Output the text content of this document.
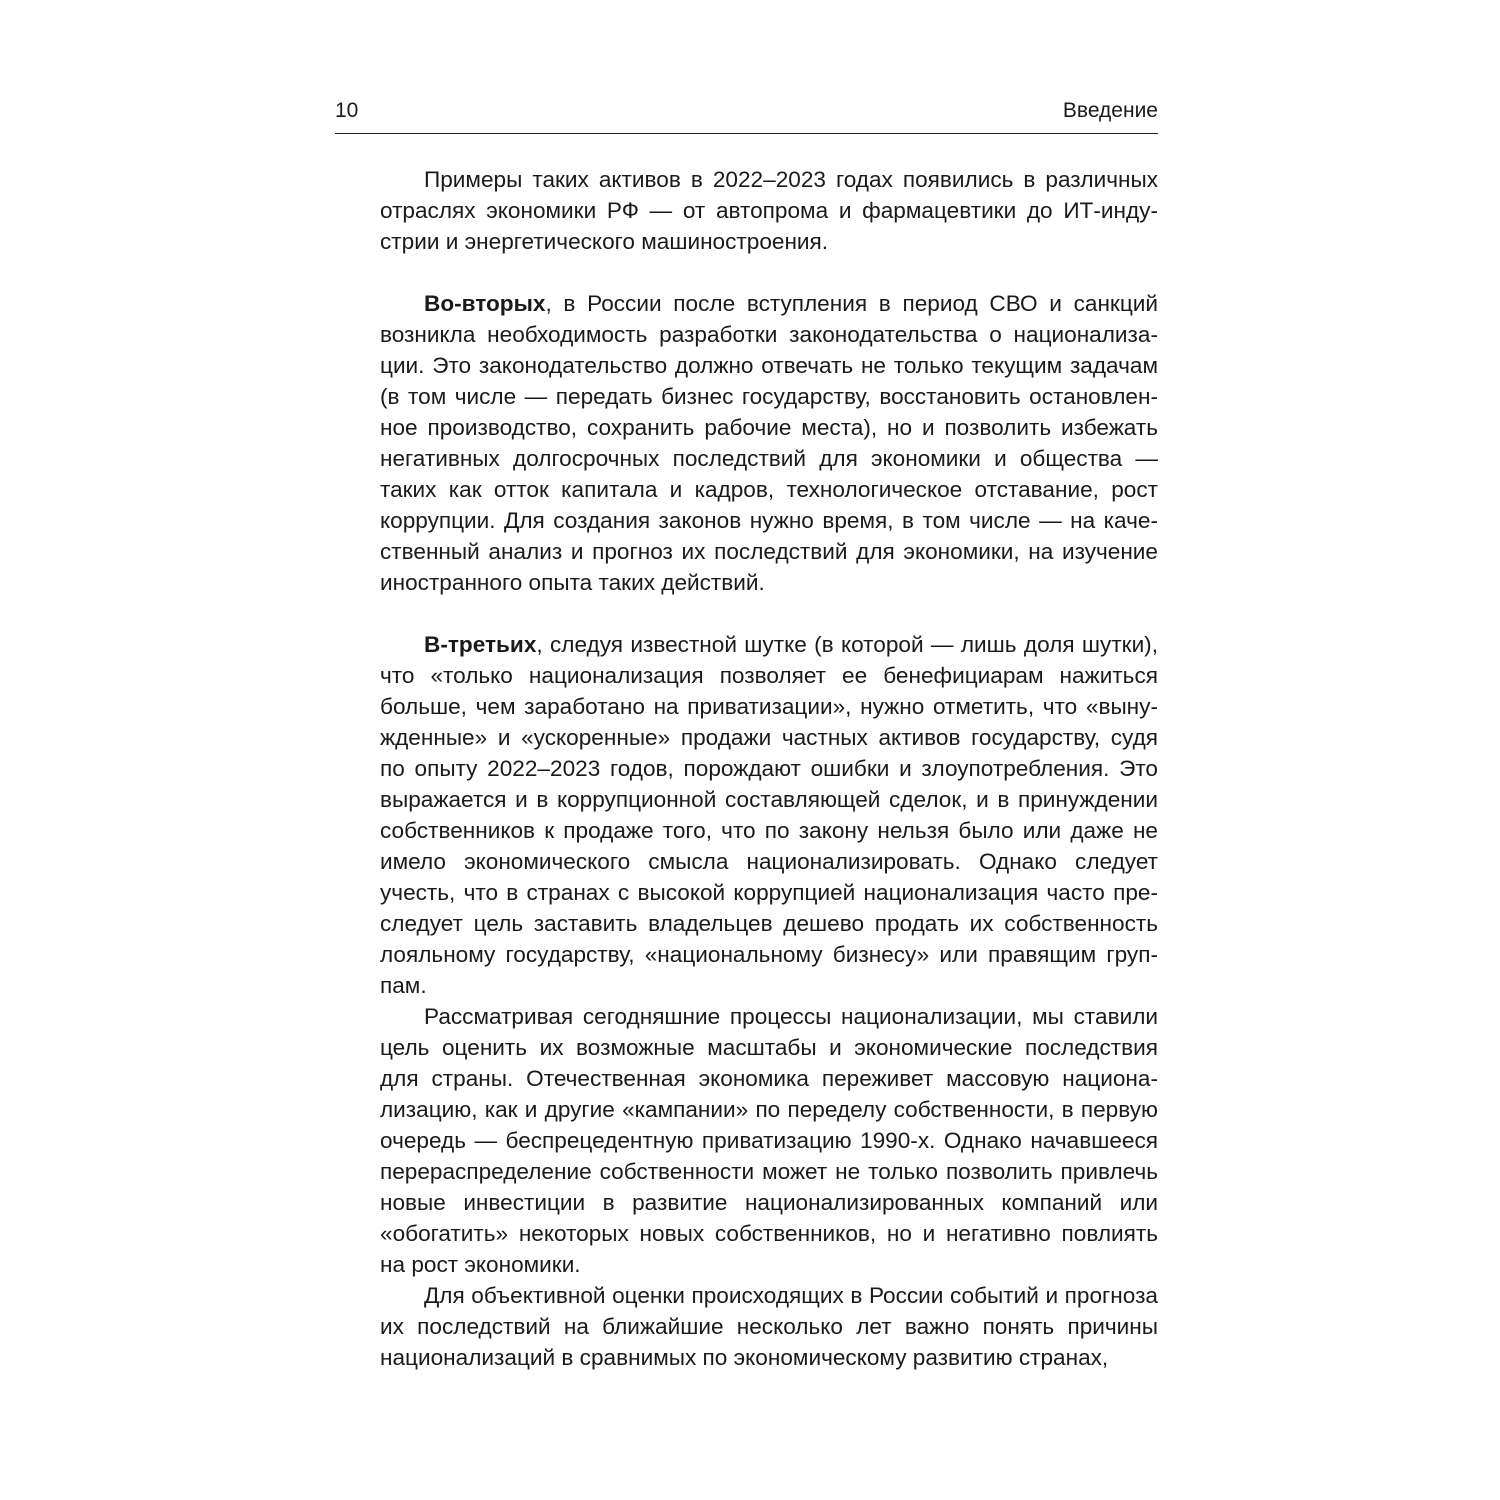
10	Введение

Примеры таких активов в 2022–2023 годах появились в различных отраслях экономики РФ — от автопрома и фармацевтики до ИТ-индустрии и энергетического машиностроения.

Во-вторых, в России после вступления в период СВО и санкций возникла необходимость разработки законодательства о национализации. Это законодательство должно отвечать не только текущим задачам (в том числе — передать бизнес государству, восстановить остановленное производство, сохранить рабочие места), но и позволить избежать негативных долгосрочных последствий для экономики и общества — таких как отток капитала и кадров, технологическое отставание, рост коррупции. Для создания законов нужно время, в том числе — на качественный анализ и прогноз их последствий для экономики, на изучение иностранного опыта таких действий.

В-третьих, следуя известной шутке (в которой — лишь доля шутки), что «только национализация позволяет ее бенефициарам нажиться больше, чем заработано на приватизации», нужно отметить, что «вынужденные» и «ускоренные» продажи частных активов государству, судя по опыту 2022–2023 годов, порождают ошибки и злоупотребления. Это выражается и в коррупционной составляющей сделок, и в принуждении собственников к продаже того, что по закону нельзя было или даже не имело экономического смысла национализировать. Однако следует учесть, что в странах с высокой коррупцией национализация часто преследует цель заставить владельцев дешево продать их собственность лояльному государству, «национальному бизнесу» или правящим группам.

Рассматривая сегодняшние процессы национализации, мы ставили цель оценить их возможные масштабы и экономические последствия для страны. Отечественная экономика переживет массовую национализацию, как и другие «кампании» по переделу собственности, в первую очередь — беспрецедентную приватизацию 1990-х. Однако начавшееся перераспределение собственности может не только позволить привлечь новые инвестиции в развитие национализированных компаний или «обогатить» некоторых новых собственников, но и негативно повлиять на рост экономики.

Для объективной оценки происходящих в России событий и прогноза их последствий на ближайшие несколько лет важно понять причины национализаций в сравнимых по экономическому развитию странах,
